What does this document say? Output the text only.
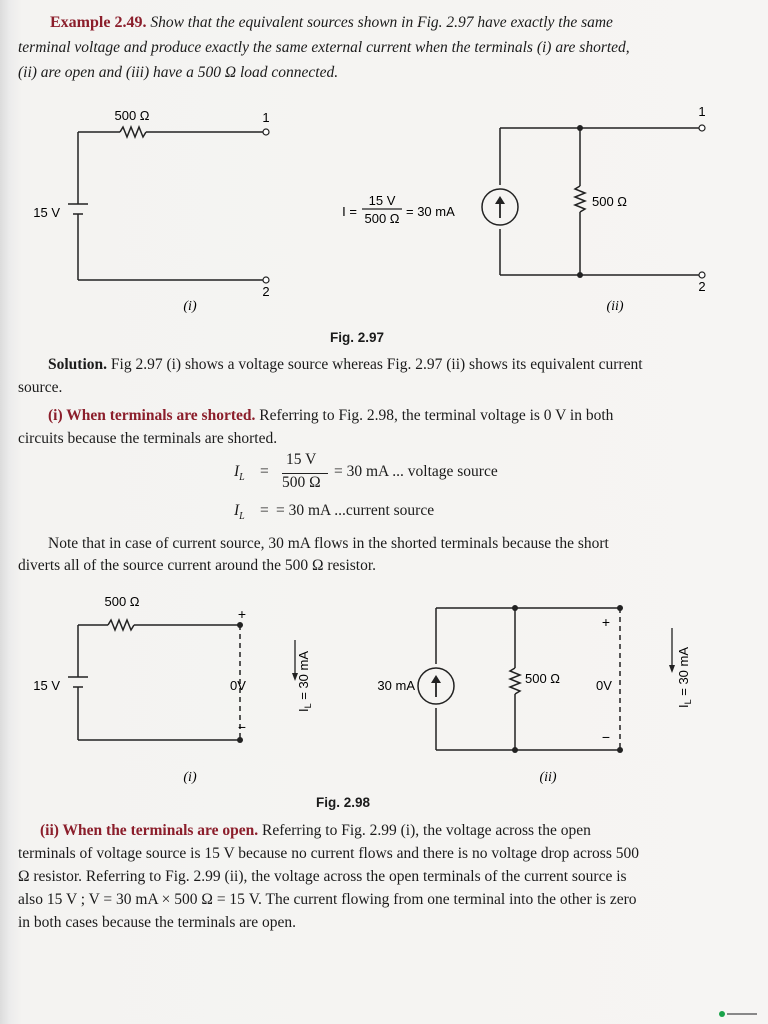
Example 2.49. Show that the equivalent sources shown in Fig. 2.97 have exactly the same
terminal voltage and produce exactly the same external current when the terminals (i) are shorted,
(ii) are open and (iii) have a 500 Ω load connected.
500 Ω
15 V
1
2
(i)
I =
15 V
500 Ω = 30 mA
500 Ω
1
2
(ii)
Fig. 2.97
Solution. Fig 2.97 (i) shows a voltage source whereas Fig. 2.97 (ii) shows its equivalent current
source.
(i) When terminals are shorted. Referring to Fig. 2.98, the terminal voltage is 0 V in both
circuits because the terminals are shorted.
$I_L$ =
15 V
500 Ω
= 30 mA ... voltage source
$I_L$ = = 30 mA ...current source
Note that in case of current source, 30 mA flows in the shorted terminals because the short
diverts all of the source current around the 500 Ω resistor.
500 Ω
15 V
+
0V
−
$I_L = 30$ mA
(i)
30 mA	500 Ω
+
0V
−
$I_L = 30$ mA
(ii)
Fig. 2.98
(ii) When the terminals are open. Referring to Fig. 2.99 (i), the voltage across the open
terminals of voltage source is 15 V because no current flows and there is no voltage drop across 500
Ω resistor. Referring to Fig. 2.99 (ii), the voltage across the open terminals of the current source is
also 15 V ; V = 30 mA × 500 Ω = 15 V. The current flowing from one terminal into the other is zero
in both cases because the terminals are open.
